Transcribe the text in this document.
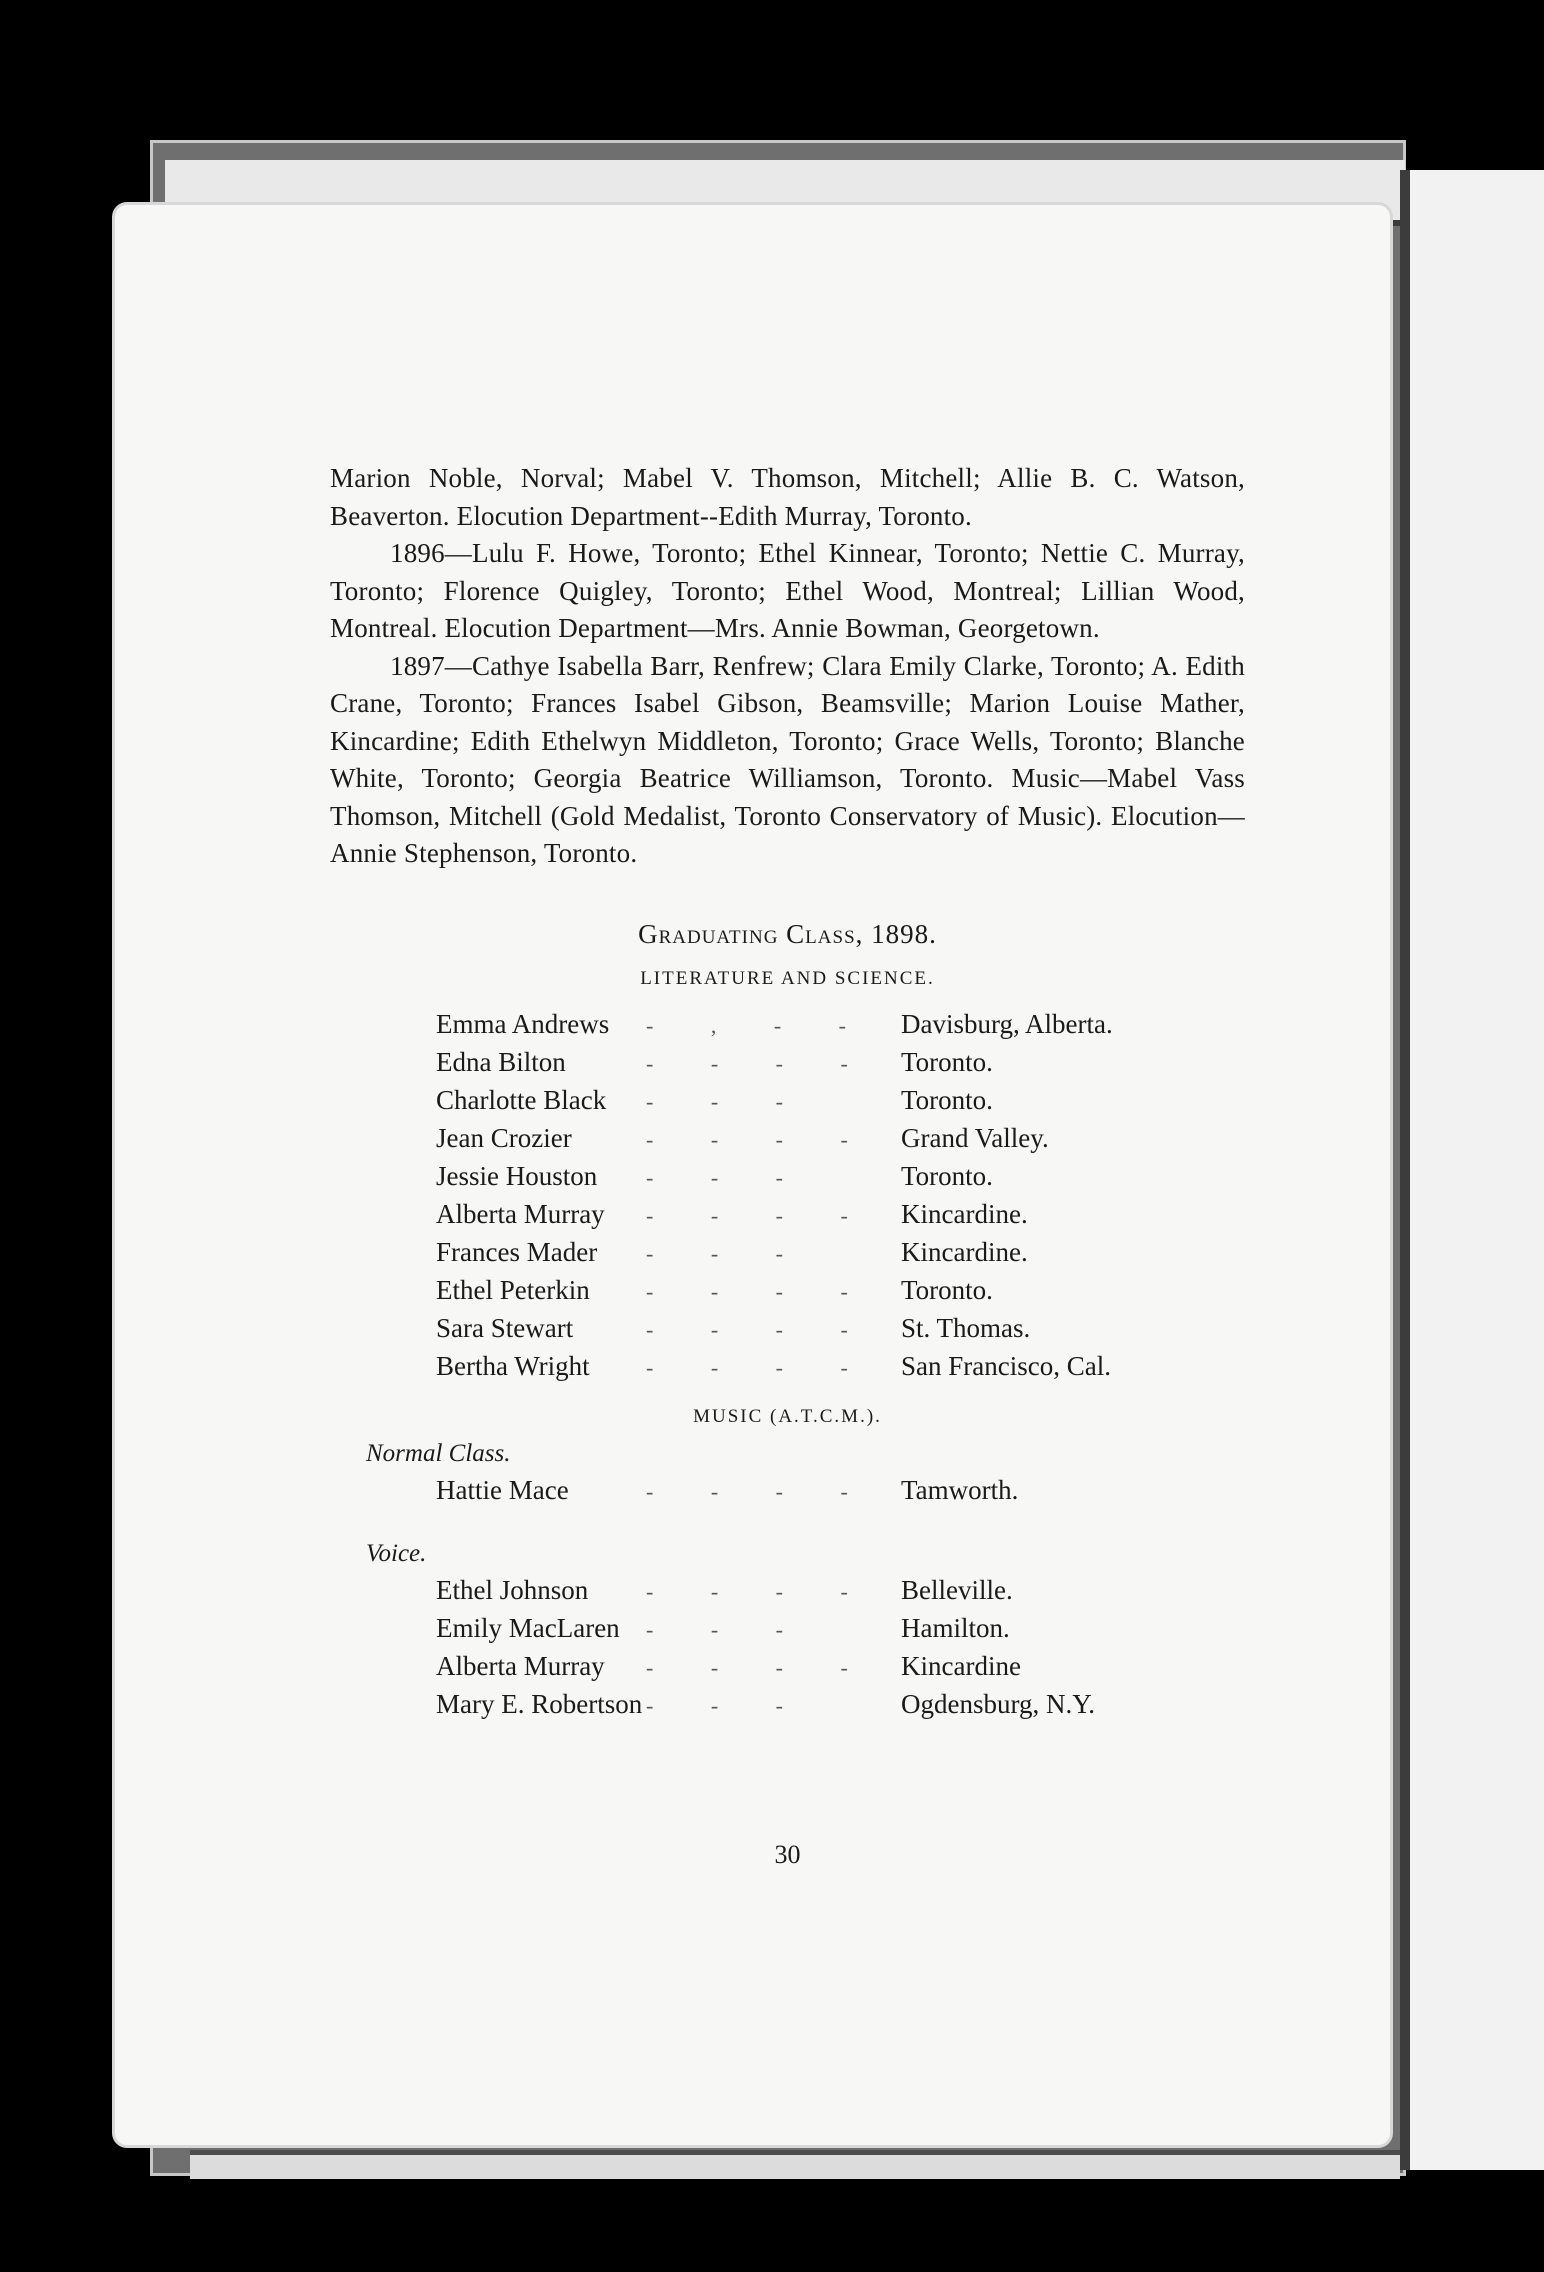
Marion Noble, Norval; Mabel V. Thomson, Mitchell; Allie B. C. Watson, Beaverton. Elocution Department--Edith Murray, Toronto.

1896—Lulu F. Howe, Toronto; Ethel Kinnear, Toronto; Nettie C. Murray, Toronto; Florence Quigley, Toronto; Ethel Wood, Montreal; Lillian Wood, Montreal. Elocution Department—Mrs. Annie Bowman, Georgetown.

1897—Cathye Isabella Barr, Renfrew; Clara Emily Clarke, Toronto; A. Edith Crane, Toronto; Frances Isabel Gibson, Beamsville; Marion Louise Mather, Kincardine; Edith Ethelwyn Middleton, Toronto; Grace Wells, Toronto; Blanche White, Toronto; Georgia Beatrice Williamson, Toronto. Music—Mabel Vass Thomson, Mitchell (Gold Medalist, Toronto Conservatory of Music). Elocution—Annie Stephenson, Toronto.

Graduating Class, 1898.
LITERATURE AND SCIENCE.
Emma Andrews	- , - -	Davisburg, Alberta.
Edna Bilton	- - - -	Toronto.
Charlotte Black	- - -	Toronto.
Jean Crozier	- - - -	Grand Valley.
Jessie Houston	- - -	Toronto.
Alberta Murray	- - - -	Kincardine.
Frances Mader	- - -	Kincardine.
Ethel Peterkin	- - - -	Toronto.
Sara Stewart	- - - -	St. Thomas.
Bertha Wright	- - - -	San Francisco, Cal.
MUSIC (A.T.C.M.).
Normal Class.
Hattie Mace	- - - -	Tamworth.
Voice.
Ethel Johnson	- - - -	Belleville.
Emily MacLaren	- - -	Hamilton.
Alberta Murray	- - - -	Kincardine
Mary E. Robertson - - -	Ogdensburg, N.Y.
30
